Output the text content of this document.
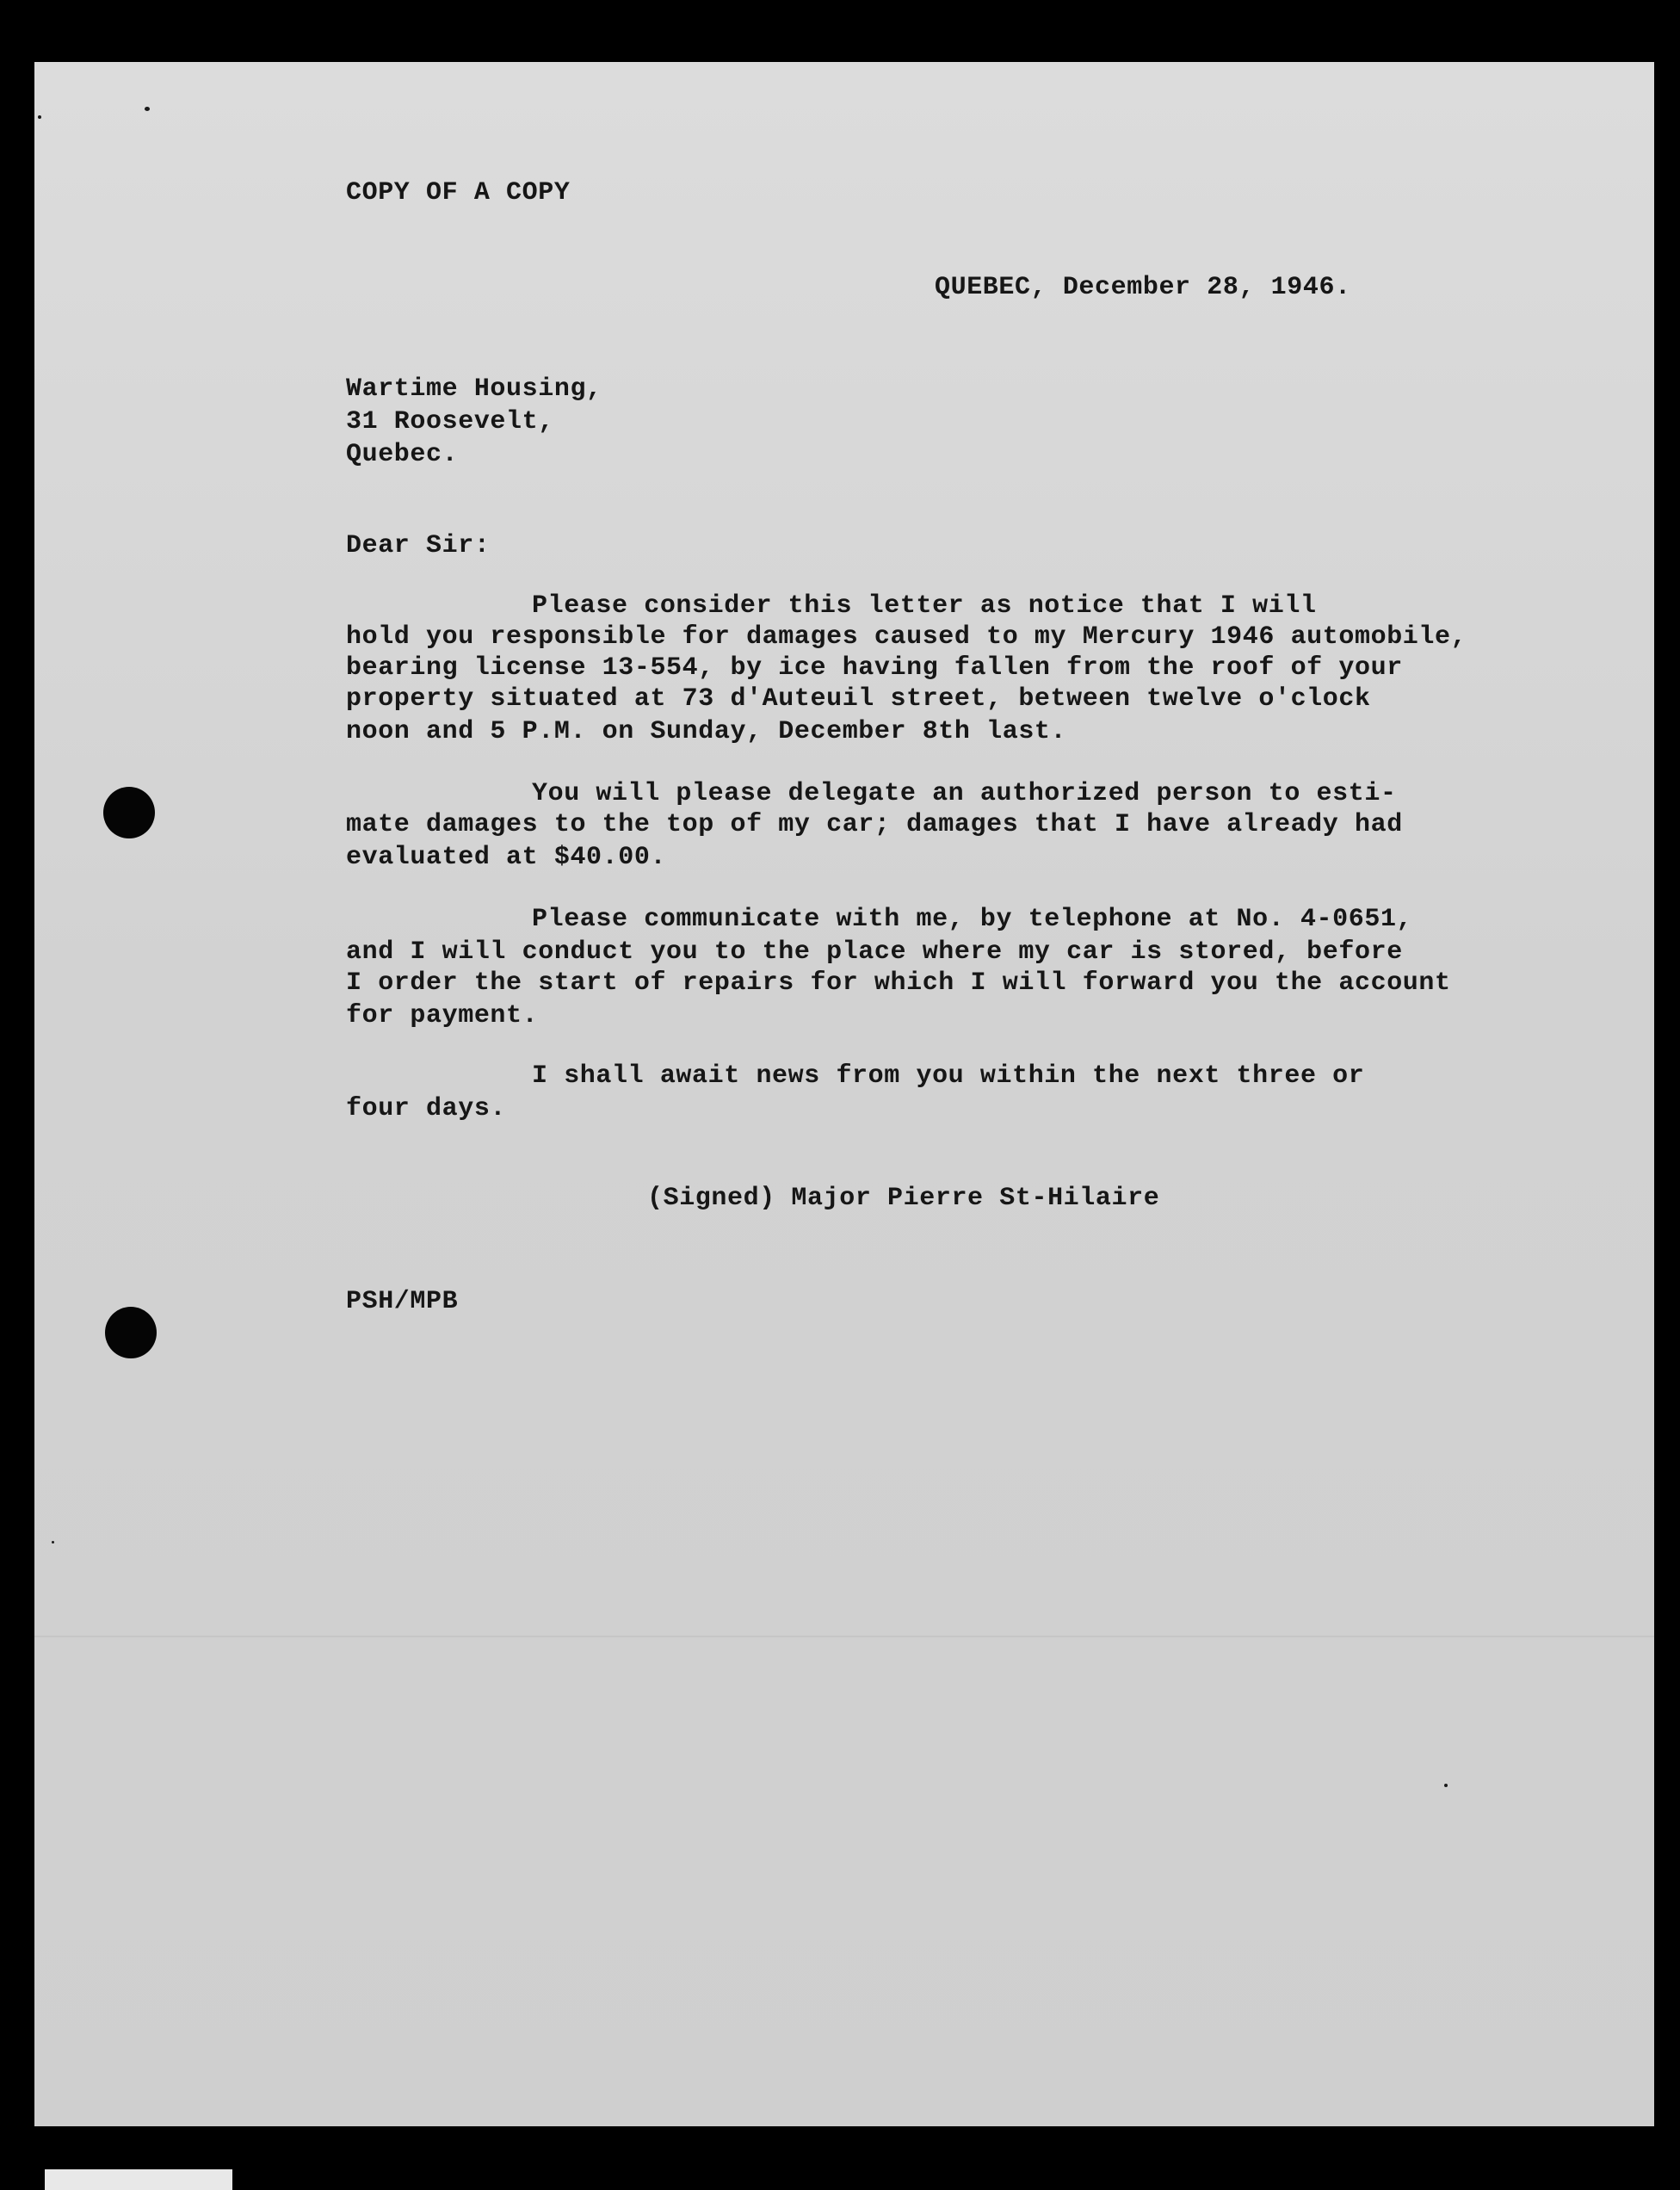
COPY OF A COPY

QUEBEC, December 28, 1946.

Wartime Housing,

31 Roosevelt,

Quebec.

Dear Sir:

Please consider this letter as notice that I will

hold you responsible for damages caused to my Mercury 1946 automobile,

bearing license 13-554, by ice having fallen from the roof of your

property situated at 73 d'Auteuil street, between twelve o'clock

noon and 5 P.M. on Sunday, December 8th last.

You will please delegate an authorized person to esti-

mate damages to the top of my car; damages that I have already had

evaluated at $40.00.

Please communicate with me, by telephone at No. 4-0651,

and I will conduct you to the place where my car is stored, before

I order the start of repairs for which I will forward you the account

for payment.

I shall await news from you within the next three or

four days.

(Signed) Major Pierre St-Hilaire

PSH/MPB
